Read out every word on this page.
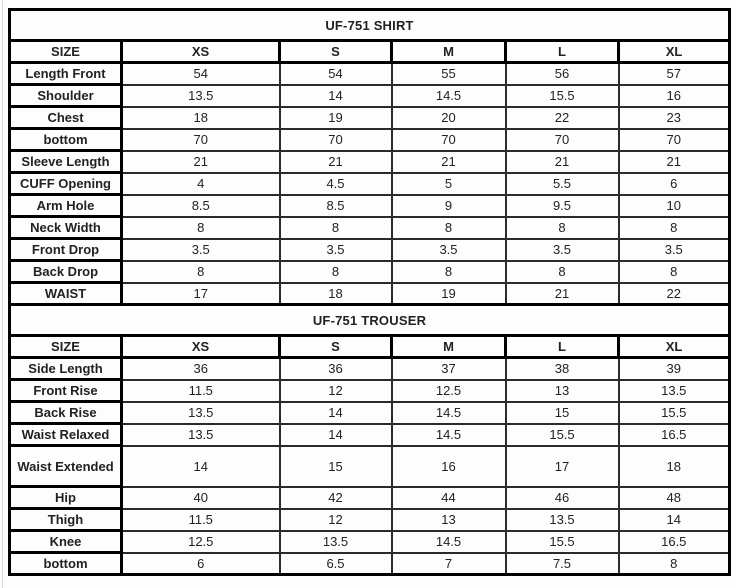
UF-751 SHIRT					
SIZE	XS	S	M	L	XL
Length Front	54	54	55	56	57
Shoulder	13.5	14	14.5	15.5	16
Chest	18	19	20	22	23
bottom	70	70	70	70	70
Sleeve Length	21	21	21	21	21
CUFF Opening	4	4.5	5	5.5	6
Arm Hole	8.5	8.5	9	9.5	10
Neck Width	8	8	8	8	8
Front Drop	3.5	3.5	3.5	3.5	3.5
Back Drop	8	8	8	8	8
WAIST	17	18	19	21	22
UF-751 TROUSER					
SIZE	XS	S	M	L	XL
Side Length	36	36	37	38	39
Front Rise	11.5	12	12.5	13	13.5
Back Rise	13.5	14	14.5	15	15.5
Waist Relaxed	13.5	14	14.5	15.5	16.5
Waist Extended	14	15	16	17	18
Hip	40	42	44	46	48
Thigh	11.5	12	13	13.5	14
Knee	12.5	13.5	14.5	15.5	16.5
bottom	6	6.5	7	7.5	8
